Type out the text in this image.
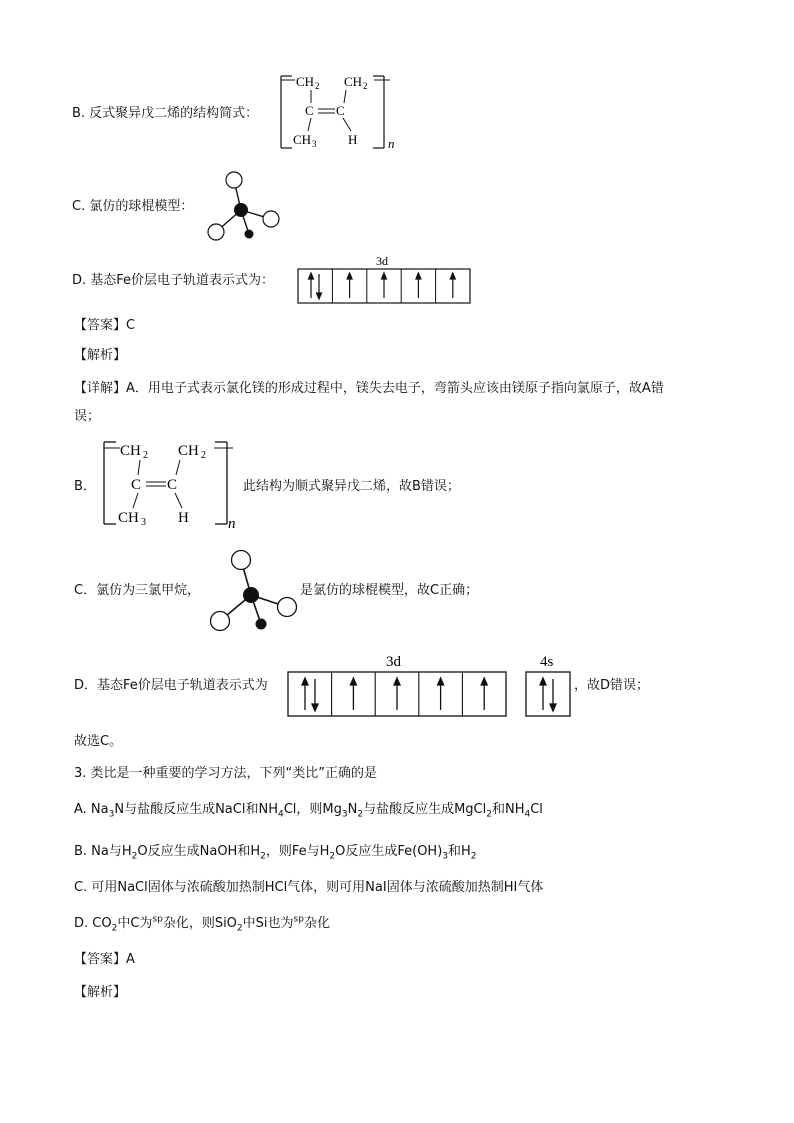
B. 反式聚异戊二烯的结构简式：
CH 2 CH 2
C C
CH 3 H n
C. 氯仿的球棍模型：
D. 基态Fe价层电子轨道表示式为：
3d
【答案】C
【解析】
【详解】A．用电子式表示氯化镁的形成过程中，镁失去电子，弯箭头应该由镁原子指向氯原子，故A错
误；
B．
CH 2 CH 2
C C
CH 3 H	n
此结构为顺式聚异戊二烯，故B错误；
C．氯仿为三氯甲烷，	是氯仿的球棍模型，故C正确；
D．基态Fe价层电子轨道表示式为
3d	4s
，故D错误；
故选C。
3. 类比是一种重要的学习方法，下列“类比”正确的是
A. $Na_3N$与盐酸反应生成NaCl和$NH_4Cl$，则$Mg_3N_2$与盐酸反应生成MgCl$_2$和$NH_4Cl$
B. Na与$H_2O$反应生成NaOH和$H_2$，则Fe与$H_2O$反应生成$Fe(OH)_3$和$H_2$
C. 可用NaCl固体与浓硫酸加热制HCl气体，则可用NaI固体与浓硫酸加热制HI气体
D. $CO_2$中C为$^{sp}$杂化，则SiO$_2$中Si也为$^{sp}$杂化
【答案】A
【解析】
